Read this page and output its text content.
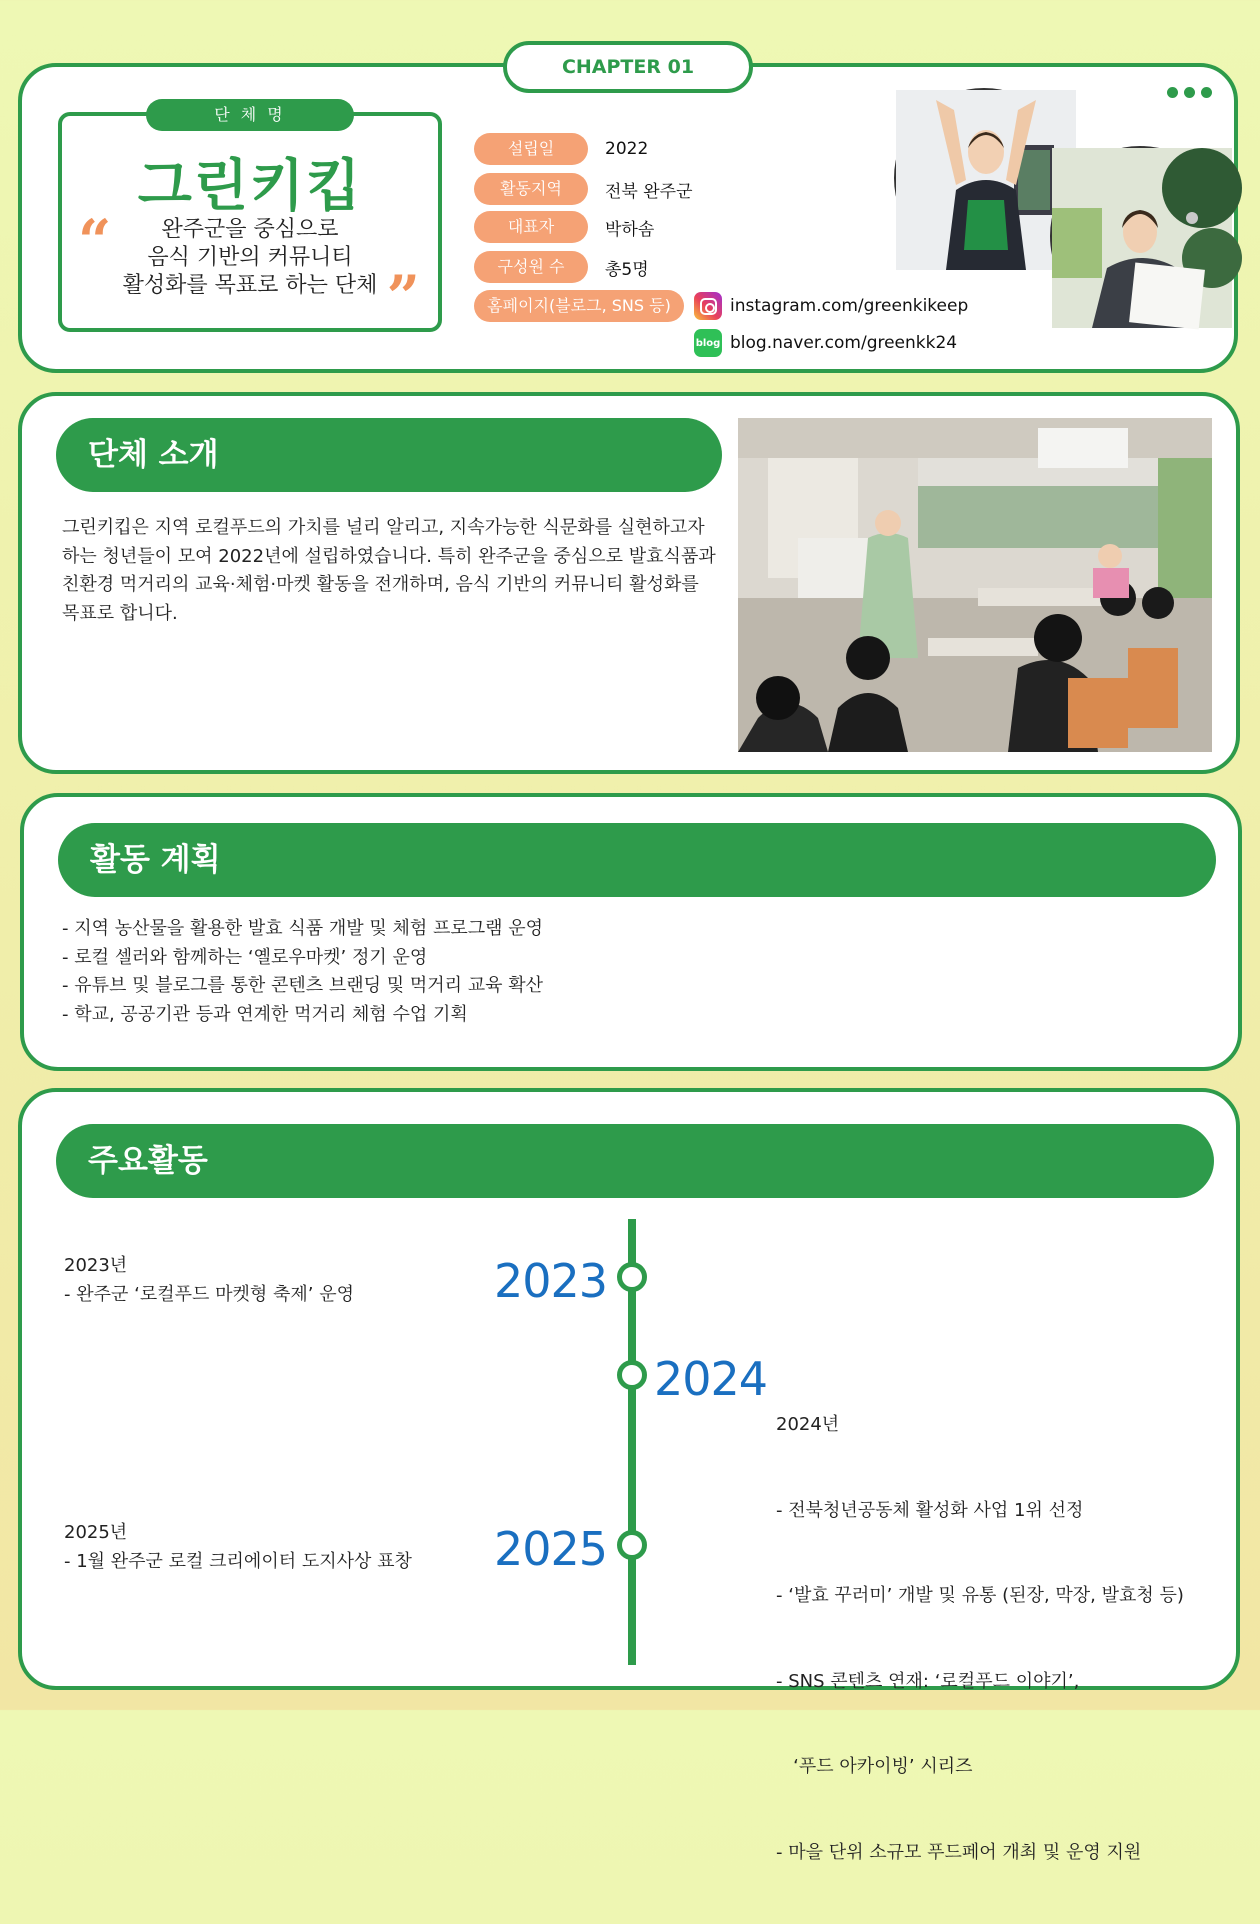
CHAPTER 01
단 체 명
그린키킵
“	완주군을 중심으로
음식 기반의 커뮤니티
활성화를 목표로 하는 단체 ”
설립일	2022
활동지역	전북 완주군
대표자	박하솜
구성원 수	총5명
홈페이지(블로그, SNS 등)	instagram.com/greenkikeep
blog blog.naver.com/greenkk24
단체 소개
그린키킵은 지역 로컬푸드의 가치를 널리 알리고, 지속가능한 식문화를 실현하고자
하는 청년들이 모여 2022년에 설립하였습니다. 특히 완주군을 중심으로 발효식품과
친환경 먹거리의 교육·체험·마켓 활동을 전개하며, 음식 기반의 커뮤니티 활성화를
목표로 합니다.
활동 계획
- 지역 농산물을 활용한 발효 식품 개발 및 체험 프로그램 운영
- 로컬 셀러와 함께하는 ‘옐로우마켓’ 정기 운영
- 유튜브 및 블로그를 통한 콘텐츠 브랜딩 및 먹거리 교육 확산
- 학교, 공공기관 등과 연계한 먹거리 체험 수업 기획
주요활동
2023
2023년
- 완주군 ‘로컬푸드 마켓형 축제’ 운영
2024

2024년

- 전북청년공동체 활성화 사업 1위 선정

- ‘발효 꾸러미’ 개발 및 유통 (된장, 막장, 발효청 등)

- SNS 콘텐츠 연재: ‘로컬푸드 이야기’,

‘푸드 아카이빙’ 시리즈

- 마을 단위 소규모 푸드페어 개최 및 운영 지원

2025
2025년
- 1월 완주군 로컬 크리에이터 도지사상 표창
